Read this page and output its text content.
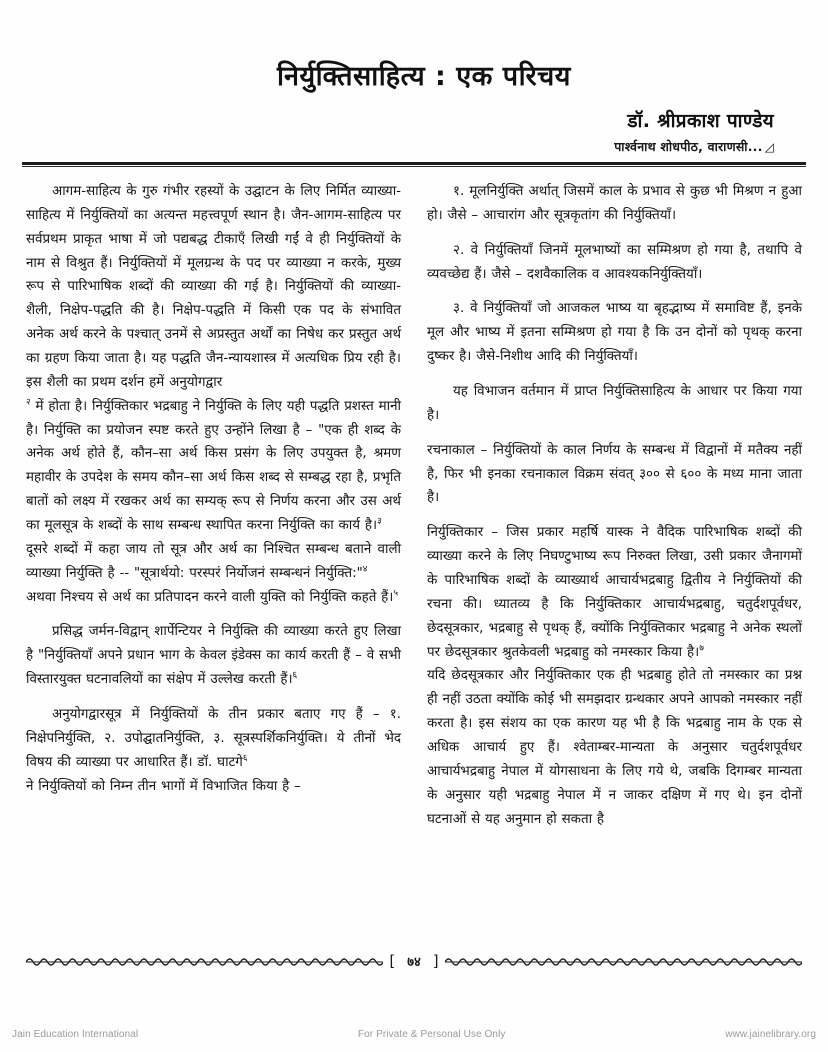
निर्युक्तिसाहित्य : एक परिचय
डॉ. श्रीप्रकाश पाण्डेय
पार्श्वनाथ शोधपीठ, वाराणसी... ◿

आगम-साहित्य के गुरु गंभीर रहस्यों के उद्घाटन के लिए निर्मित व्याख्या-साहित्य में निर्युक्तियों का अत्यन्त महत्त्वपूर्ण स्थान है। जैन-आगम-साहित्य पर सर्वप्रथम प्राकृत भाषा में जो पद्यबद्ध टीकाएँ लिखी गईं वे ही निर्युक्तियों के नाम से विश्रुत हैं। निर्युक्तियों में मूलग्रन्थ के पद पर व्याख्या न करके, मुख्य रूप से पारिभाषिक शब्दों की व्याख्या की गई है। निर्युक्तियों की व्याख्या-शैली, निक्षेप-पद्धति की है। निक्षेप-पद्धति में किसी एक पद के संभावित अनेक अर्थ करने के पश्चात् उनमें से अप्रस्तुत अर्थों का निषेध कर प्रस्तुत अर्थ का ग्रहण किया जाता है। यह पद्धति जैन-न्यायशास्त्र में अत्यधिक प्रिय रही है। इस शैली का प्रथम दर्शन हमें अनुयोगद्वार

$^२$ में होता है। निर्युक्तिकार भद्रबाहु ने निर्युक्ति के लिए यही पद्धति प्रशस्त मानी है। निर्युक्ति का प्रयोजन स्पष्ट करते हुए उन्होंने लिखा है – "एक ही शब्द के अनेक अर्थ होते हैं, कौन–सा अर्थ किस प्रसंग के लिए उपयुक्त है, श्रमण महावीर के उपदेश के समय कौन–सा अर्थ किस शब्द से सम्बद्ध रहा है, प्रभृति बातों को लक्ष्य में रखकर अर्थ का सम्यक् रूप से निर्णय करना और उस अर्थ का मूलसूत्र के शब्दों के साथ सम्बन्ध स्थापित करना निर्युक्ति का कार्य है।$^३$

दूसरे शब्दों में कहा जाय तो सूत्र और अर्थ का निश्चित सम्बन्ध बताने वाली व्याख्या निर्युक्ति है -- "सूत्रार्थयो: परस्परं निर्योजनं सम्बन्धनं निर्युक्ति:"$^४$

अथवा निश्चय से अर्थ का प्रतिपादन करने वाली युक्ति को निर्युक्ति कहते हैं।$^५$

प्रसिद्ध जर्मन-विद्वान् शार्पेन्टियर ने निर्युक्ति की व्याख्या करते हुए लिखा है "निर्युक्तियाँ अपने प्रधान भाग के केवल इंडेक्स का कार्य करती हैं – वे सभी विस्तारयुक्त घटनावलियों का संक्षेप में उल्लेख करती हैं।$^६$

अनुयोगद्वारसूत्र में निर्युक्तियों के तीन प्रकार बताए गए हैं – १. निक्षेपनिर्युक्ति, २. उपोद्घातनिर्युक्ति, ३. सूत्रस्पर्शिकनिर्युक्ति। ये तीनों भेद विषय की व्याख्या पर आधारित हैं। डॉ. घाटगे$^६$

ने निर्युक्तियों को निम्न तीन भागों में विभाजित किया है –

१. मूलनिर्युक्ति अर्थात् जिसमें काल के प्रभाव से कुछ भी मिश्रण न हुआ हो। जैसे – आचारांग और सूत्रकृतांग की निर्युक्तियाँ।

२. वे निर्युक्तियाँ जिनमें मूलभाष्यों का सम्मिश्रण हो गया है, तथापि वे व्यवच्छेद्य हैं। जैसे – दशवैकालिक व आवश्यकनिर्युक्तियाँ।

३. वे निर्युक्तियाँ जो आजकल भाष्य या बृहद्भाष्य में समाविष्ट हैं, इनके मूल और भाष्य में इतना सम्मिश्रण हो गया है कि उन दोनों को पृथक् करना दुष्कर है। जैसे-निशीथ आदि की निर्युक्तियाँ।

यह विभाजन वर्तमान में प्राप्त निर्युक्तिसाहित्य के आधार पर किया गया है।

रचनाकाल – निर्युक्तियों के काल निर्णय के सम्बन्ध में विद्वानों में मतैक्य नहीं है, फिर भी इनका रचनाकाल विक्रम संवत् ३०० से ६०० के मध्य माना जाता है।

निर्युक्तिकार – जिस प्रकार महर्षि यास्क ने वैदिक पारिभाषिक शब्दों की व्याख्या करने के लिए निघण्टुभाष्य रूप निरुक्त लिखा, उसी प्रकार जैनागमों के पारिभाषिक शब्दों के व्याख्यार्थ आचार्यभद्रबाहु द्वितीय ने निर्युक्तियों की रचना की। ध्यातव्य है कि निर्युक्तिकार आचार्यभद्रबाहु, चतुर्दशपूर्वधर, छेदसूत्रकार, भद्रबाहु से पृथक् हैं, क्योंकि निर्युक्तिकार भद्रबाहु ने अनेक स्थलों पर छेदसूत्रकार श्रुतकेवली भद्रबाहु को नमस्कार किया है।$^७$

यदि छेदसूत्रकार और निर्युक्तिकार एक ही भद्रबाहु होते तो नमस्कार का प्रश्न ही नहीं उठता क्योंकि कोई भी समझदार ग्रन्थकार अपने आपको नमस्कार नहीं करता है। इस संशय का एक कारण यह भी है कि भद्रबाहु नाम के एक से अधिक आचार्य हुए हैं। श्वेताम्बर-मान्यता के अनुसार चतुर्दशपूर्वधर आचार्यभद्रबाहु नेपाल में योगसाधना के लिए गये थे, जबकि दिगम्बर मान्यता के अनुसार यही भद्रबाहु नेपाल में न जाकर दक्षिण में गए थे। इन दोनों घटनाओं से यह अनुमान हो सकता है

[ ७४ ]
Jain Education International	For Private & Personal Use Only	www.jainelibrary.org
